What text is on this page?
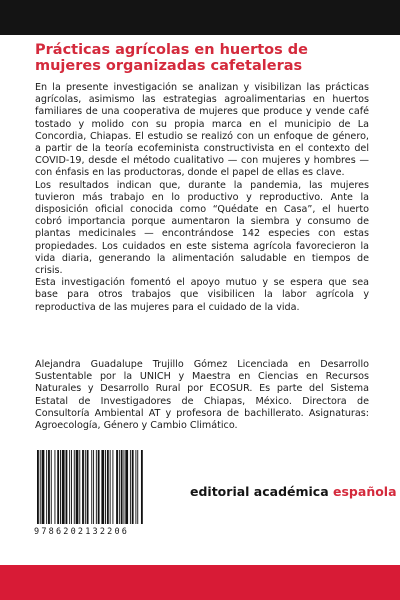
Prácticas agrícolas en huertos de mujeres organizadas cafetaleras

En la presente investigación se analizan y visibilizan las prácticas agrícolas, asimismo las estrategias agroalimentarias en huertos familiares de una cooperativa de mujeres que produce y vende café tostado y molido con su propia marca en el municipio de La Concordia, Chiapas. El estudio se realizó con un enfoque de género, a partir de la teoría ecofeminista constructivista en el contexto del COVID-19, desde el método cualitativo — con mujeres y hombres — con énfasis en las productoras, donde el papel de ellas es clave.

Los resultados indican que, durante la pandemia, las mujeres tuvieron más trabajo en lo productivo y reproductivo. Ante la disposición oficial conocida como “Quédate en Casa”, el huerto cobró importancia porque aumentaron la siembra y consumo de plantas medicinales — encontrándose 142 especies con estas propiedades. Los cuidados en este sistema agrícola favorecieron la vida diaria, generando la alimentación saludable en tiempos de crisis.

Esta investigación fomentó el apoyo mutuo y se espera que sea base para otros trabajos que visibilicen la labor agrícola y reproductiva de las mujeres para el cuidado de la vida.

Alejandra Guadalupe Trujillo Gómez Licenciada en Desarrollo Sustentable por la UNICH y Maestra en Ciencias en Recursos Naturales y Desarrollo Rural por ECOSUR. Es parte del Sistema Estatal de Investigadores de Chiapas, México. Directora de Consultoría Ambiental AT y profesora de bachillerato. Asignaturas: Agroecología, Género y Cambio Climático.

9786202132206
editorial académica española
